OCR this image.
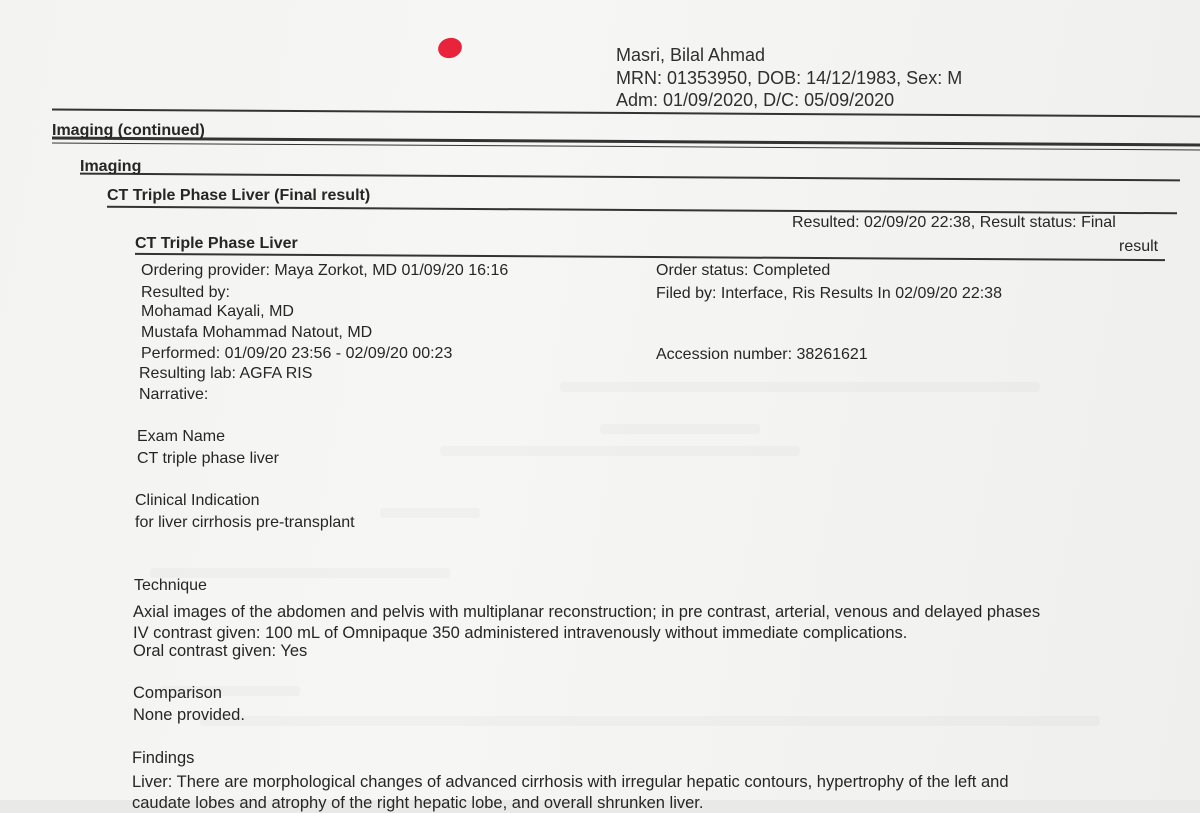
Masri, Bilal Ahmad
MRN: 01353950, DOB: 14/12/1983, Sex: M
Adm: 01/09/2020, D/C: 05/09/2020
Imaging (continued)
Imaging
CT Triple Phase Liver (Final result)
Resulted: 02/09/20 22:38, Result status: Final
result
CT Triple Phase Liver
Ordering provider: Maya Zorkot, MD 01/09/20 16:16
Resulted by:
Mohamad Kayali, MD
Mustafa Mohammad Natout, MD
Performed: 01/09/20 23:56 - 02/09/20 00:23
Resulting lab: AGFA RIS
Narrative:
Order status: Completed
Filed by: Interface, Ris Results In 02/09/20 22:38
Accession number: 38261621
Exam Name
CT triple phase liver
Clinical Indication
for liver cirrhosis pre-transplant
Technique
Axial images of the abdomen and pelvis with multiplanar reconstruction; in pre contrast, arterial, venous and delayed phases
IV contrast given: 100 mL of Omnipaque 350 administered intravenously without immediate complications.
Oral contrast given: Yes
Comparison
None provided.
Findings
Liver: There are morphological changes of advanced cirrhosis with irregular hepatic contours, hypertrophy of the left and
caudate lobes and atrophy of the right hepatic lobe, and overall shrunken liver.
